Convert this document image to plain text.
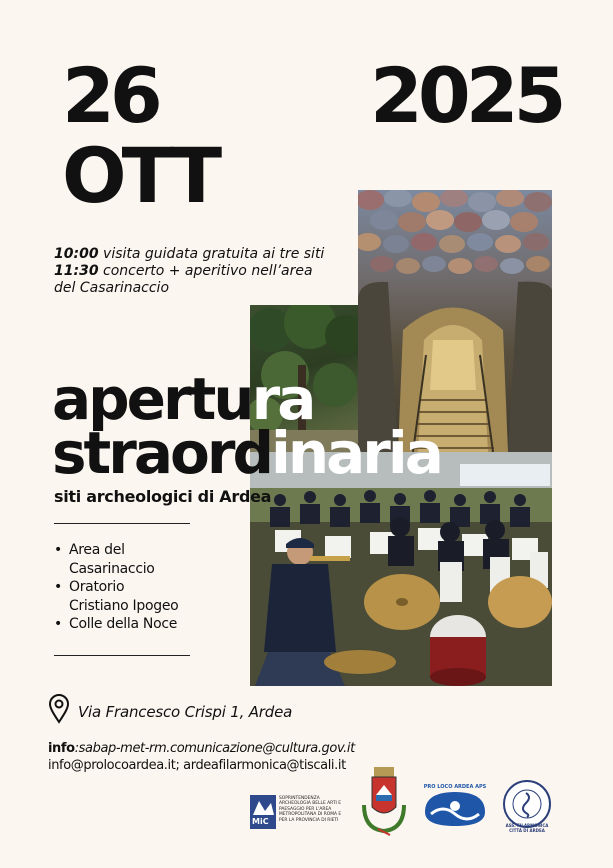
26
OTT
2025
10:00 visita guidata gratuita ai tre siti
11:30 concerto + aperitivo nell’area
del Casarinaccio
apertura
straordinaria
siti archeologici di Ardea
• Area del
Casarinaccio
• Oratorio
Cristiano Ipogeo
• Colle della Noce
Via Francesco Crispi 1, Ardea
info:sabap-met-rm.comunicazione@cultura.gov.it
info@prolocoardea.it; ardeafilarmonica@tiscali.it
MiC
SOPRINTENDENZA ARCHEOLOGIA BELLE ARTI E PAESAGGIO PER L'AREA METROPOLITANA DI ROMA E PER LA PROVINCIA DI RIETI
PRO LOCO ARDEA APS
ASS. FILARMONICA CITTÀ DI ARDEA
